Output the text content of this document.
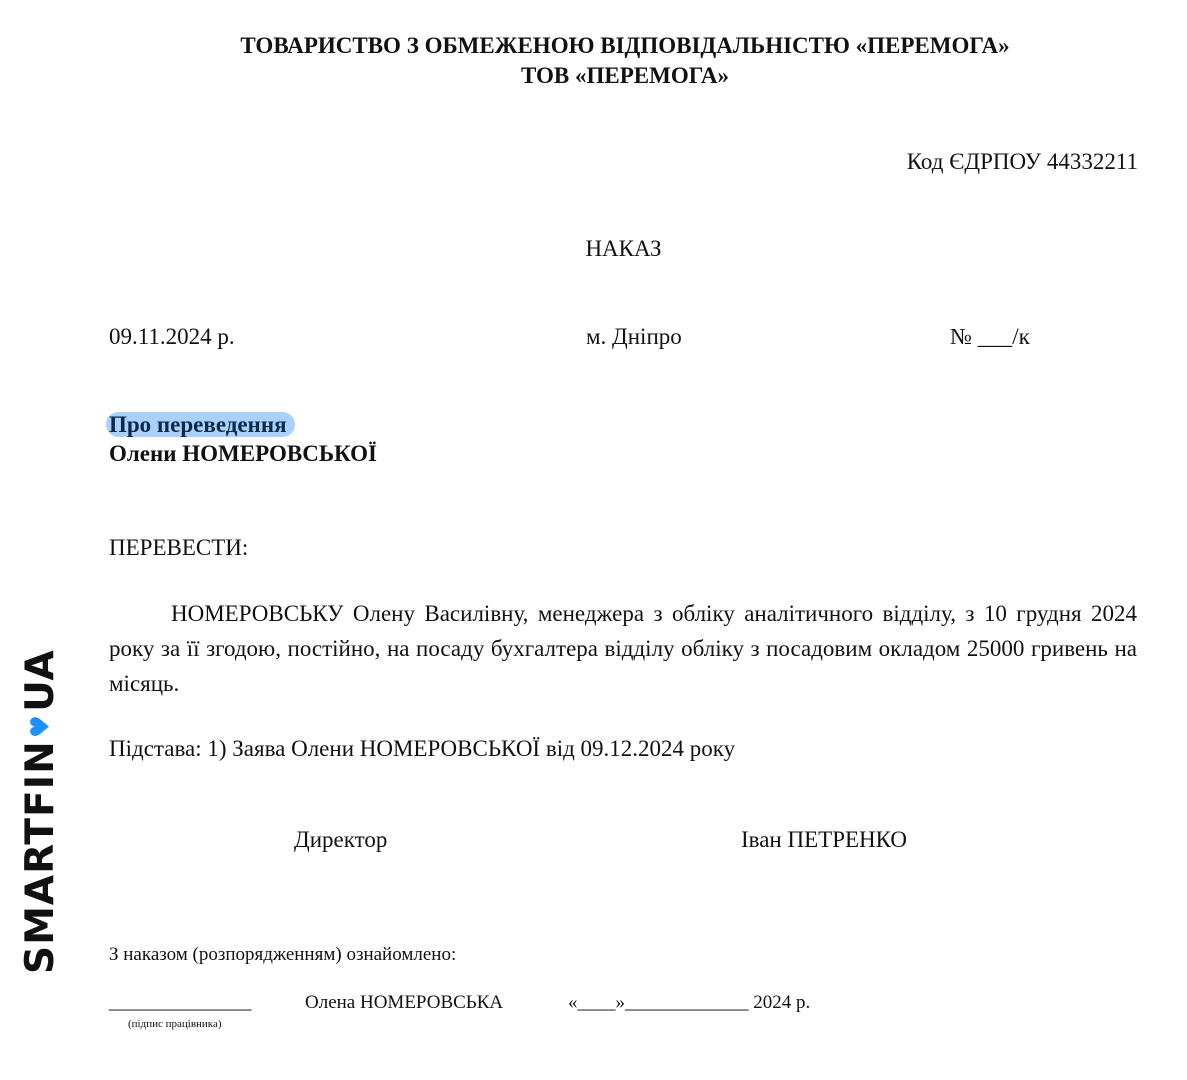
ТОВАРИСТВО З ОБМЕЖЕНОЮ ВІДПОВІДАЛЬНІСТЮ «ПЕРЕМОГА»
ТОВ «ПЕРЕМОГА»
Код ЄДРПОУ 44332211
НАКАЗ
09.11.2024 р.	м. Дніпро	№ ___/к
Про переведення
Олени НОМЕРОВСЬКОЇ
ПЕРЕВЕСТИ:
НОМЕРОВСЬКУ Олену Василівну, менеджера з обліку аналітичного відділу, з 10 грудня 2024 року за її згодою, постійно, на посаду бухгалтера відділу обліку з посадовим окладом 25000 гривень на місяць.
Підстава: 1) Заява Олени НОМЕРОВСЬКОЇ від 09.12.2024 року
Директор	Іван ПЕТРЕНКО
З наказом (розпорядженням) ознайомлено:
_______________	Олена НОМЕРОВСЬКА	«____»_____________ 2024 р.
(підпис працівника)
SMARTFIN
♥
UA
